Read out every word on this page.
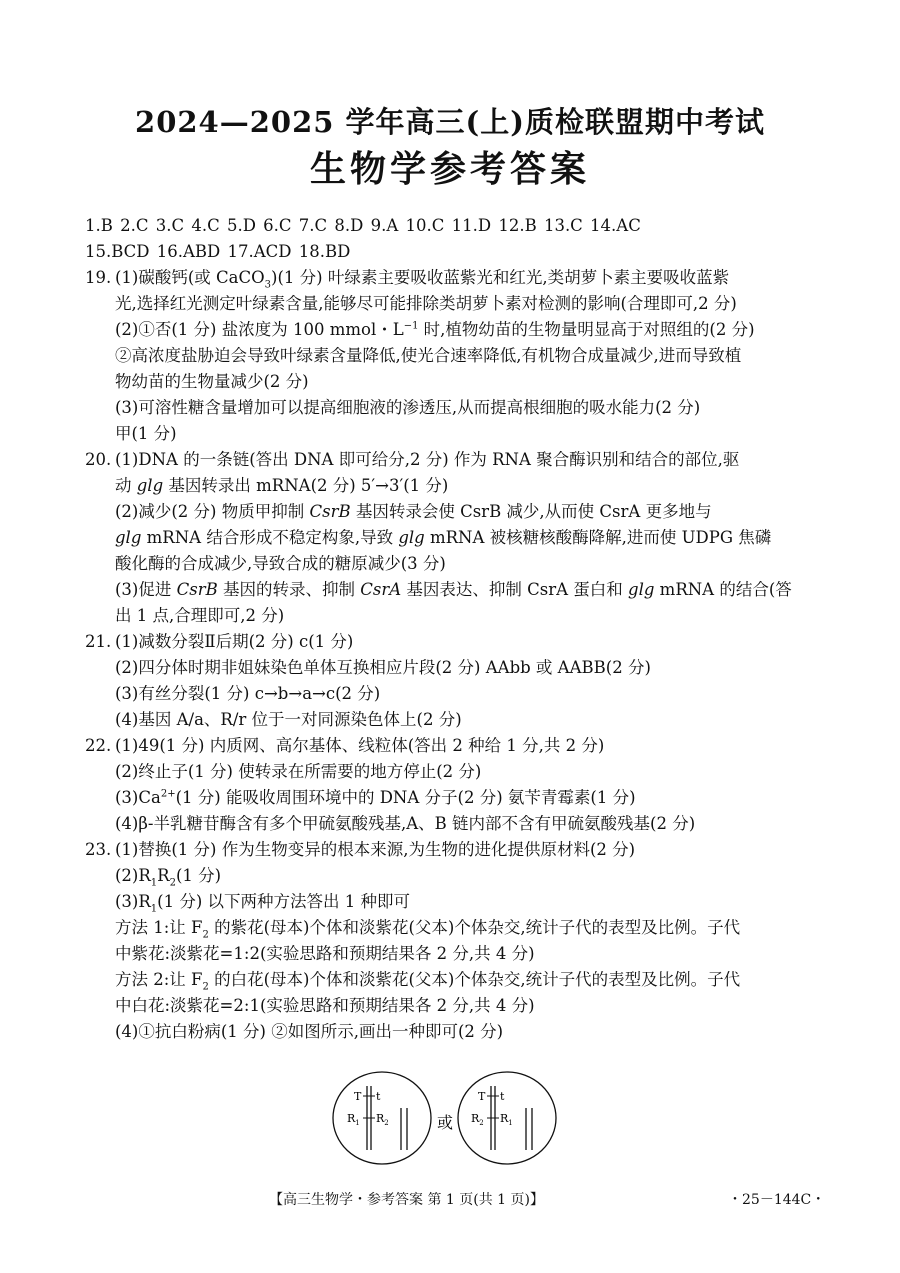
2024—2025 学年高三(上)质检联盟期中考试
生物学参考答案
1.B 2.C 3.C 4.C 5.D 6.C 7.C 8.D 9.A 10.C 11.D 12.B 13.C 14.AC
15.BCD 16.ABD 17.ACD 18.BD
19. (1)碳酸钙(或 CaCO$_3$)(1 分) 叶绿素主要吸收蓝紫光和红光,类胡萝卜素主要吸收蓝紫
光,选择红光测定叶绿素含量,能够尽可能排除类胡萝卜素对检测的影响(合理即可,2 分)
(2)①否(1 分) 盐浓度为 100 mmol・$L^{-1}$ 时,植物幼苗的生物量明显高于对照组的(2 分)
②高浓度盐胁迫会导致叶绿素含量降低,使光合速率降低,有机物合成量减少,进而导致植
物幼苗的生物量减少(2 分)
(3)可溶性糖含量增加可以提高细胞液的渗透压,从而提高根细胞的吸水能力(2 分)
甲(1 分)
20. (1)DNA 的一条链(答出 DNA 即可给分,2 分) 作为 RNA 聚合酶识别和结合的部位,驱
动 glg 基因转录出 mRNA(2 分) 5′→3′(1 分)
(2)减少(2 分) 物质甲抑制 CsrB 基因转录会使 CsrB 减少,从而使 CsrA 更多地与
glg mRNA 结合形成不稳定构象,导致 glg mRNA 被核糖核酸酶降解,进而使 UDPG 焦磷
酸化酶的合成减少,导致合成的糖原减少(3 分)
(3)促进 CsrB 基因的转录、抑制 CsrA 基因表达、抑制 CsrA 蛋白和 glg mRNA 的结合(答
出 1 点,合理即可,2 分)
21. (1)减数分裂Ⅱ后期(2 分) c(1 分)
(2)四分体时期非姐妹染色单体互换相应片段(2 分) AAbb 或 AABB(2 分)
(3)有丝分裂(1 分) c→b→a→c(2 分)
(4)基因 A/a、R/r 位于一对同源染色体上(2 分)
22. (1)49(1 分) 内质网、高尔基体、线粒体(答出 2 种给 1 分,共 2 分)
(2)终止子(1 分) 使转录在所需要的地方停止(2 分)
$(3)Ca^{2+}(1$ 分) 能吸收周围环境中的 DNA 分子(2 分) 氨苄青霉素(1 分)
(4)β-半乳糖苷酶含有多个甲硫氨酸残基,A、B 链内部不含有甲硫氨酸残基(2 分)
23. (1)替换(1 分) 作为生物变异的根本来源,为生物的进化提供原材料(2 分)
$(2)R_1R_2(1$ 分)
$(3)R_1(1$ 分) 以下两种方法答出 1 种即可
方法 1:让 $F_2$ 的紫花(母本)个体和淡紫花(父本)个体杂交,统计子代的表型及比例。子代
中紫花:淡紫花=1:2(实验思路和预期结果各 2 分,共 4 分)
方法 2:让 $F_2$ 的白花(母本)个体和淡紫花(父本)个体杂交,统计子代的表型及比例。子代
中白花:淡紫花=2:1(实验思路和预期结果各 2 分,共 4 分)
(4)①抗白粉病(1 分) ②如图所示,画出一种即可(2 分)
T t
$R_1$ $R_2$	或
T t
$R_2$ $R_1$
【高三生物学・参考答案 第 1 页(共 1 页)】	・25－144C・
